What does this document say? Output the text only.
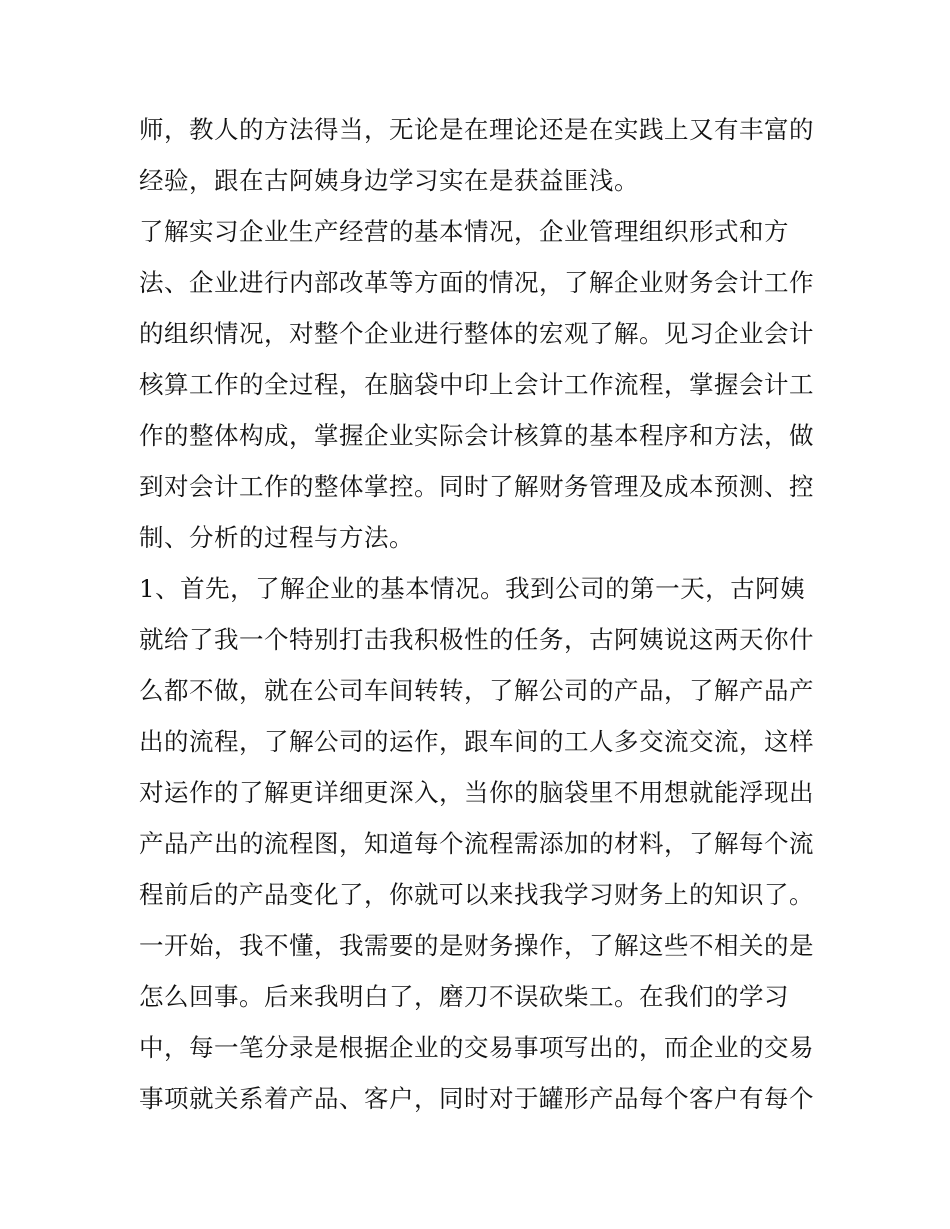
师，教人的方法得当，无论是在理论还是在实践上又有丰富的
经验，跟在古阿姨身边学习实在是获益匪浅。
了解实习企业生产经营的基本情况，企业管理组织形式和方
法、企业进行内部改革等方面的情况，了解企业财务会计工作
的组织情况，对整个企业进行整体的宏观了解。见习企业会计
核算工作的全过程，在脑袋中印上会计工作流程，掌握会计工
作的整体构成，掌握企业实际会计核算的基本程序和方法，做
到对会计工作的整体掌控。同时了解财务管理及成本预测、控
制、分析的过程与方法。
1、首先，了解企业的基本情况。我到公司的第一天，古阿姨
就给了我一个特别打击我积极性的任务，古阿姨说这两天你什
么都不做，就在公司车间转转，了解公司的产品，了解产品产
出的流程，了解公司的运作，跟车间的工人多交流交流，这样
对运作的了解更详细更深入，当你的脑袋里不用想就能浮现出
产品产出的流程图，知道每个流程需添加的材料，了解每个流
程前后的产品变化了，你就可以来找我学习财务上的知识了。
一开始，我不懂，我需要的是财务操作，了解这些不相关的是
怎么回事。后来我明白了，磨刀不误砍柴工。在我们的学习
中，每一笔分录是根据企业的交易事项写出的，而企业的交易
事项就关系着产品、客户，同时对于罐形产品每个客户有每个
